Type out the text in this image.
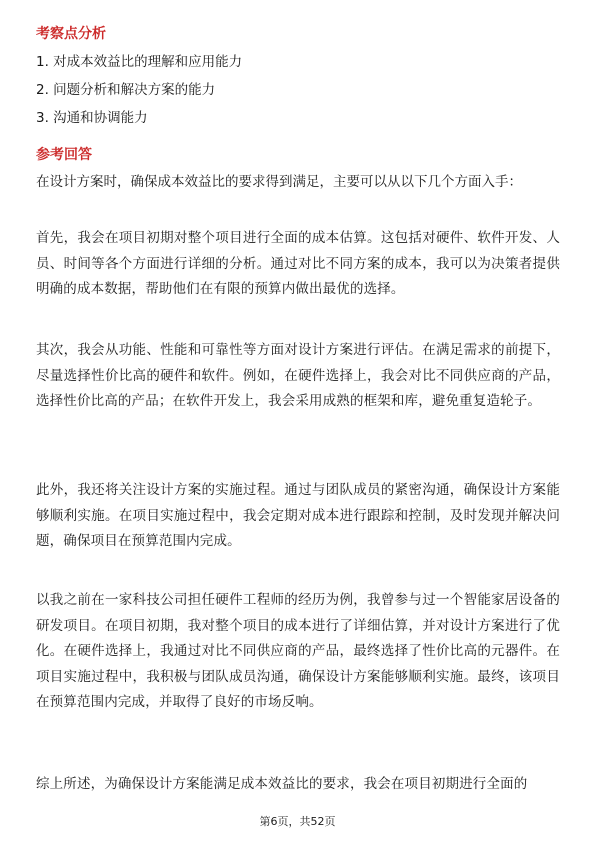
考察点分析
1. 对成本效益比的理解和应用能力
2. 问题分析和解决方案的能力
3. 沟通和协调能力
参考回答
在设计方案时，确保成本效益比的要求得到满足，主要可以从以下几个方面入手：
首先，我会在项目初期对整个项目进行全面的成本估算。这包括对硬件、软件开发、人员、时间等各个方面进行详细的分析。通过对比不同方案的成本，我可以为决策者提供明确的成本数据，帮助他们在有限的预算内做出最优的选择。
其次，我会从功能、性能和可靠性等方面对设计方案进行评估。在满足需求的前提下，尽量选择性价比高的硬件和软件。例如，在硬件选择上，我会对比不同供应商的产品，选择性价比高的产品；在软件开发上，我会采用成熟的框架和库，避免重复造轮子。
此外，我还将关注设计方案的实施过程。通过与团队成员的紧密沟通，确保设计方案能够顺利实施。在项目实施过程中，我会定期对成本进行跟踪和控制，及时发现并解决问题，确保项目在预算范围内完成。
以我之前在一家科技公司担任硬件工程师的经历为例，我曾参与过一个智能家居设备的研发项目。在项目初期，我对整个项目的成本进行了详细估算，并对设计方案进行了优化。在硬件选择上，我通过对比不同供应商的产品，最终选择了性价比高的元器件。在项目实施过程中，我积极与团队成员沟通，确保设计方案能够顺利实施。最终，该项目在预算范围内完成，并取得了良好的市场反响。
综上所述，为确保设计方案能满足成本效益比的要求，我会在项目初期进行全面的
第6页，共52页
